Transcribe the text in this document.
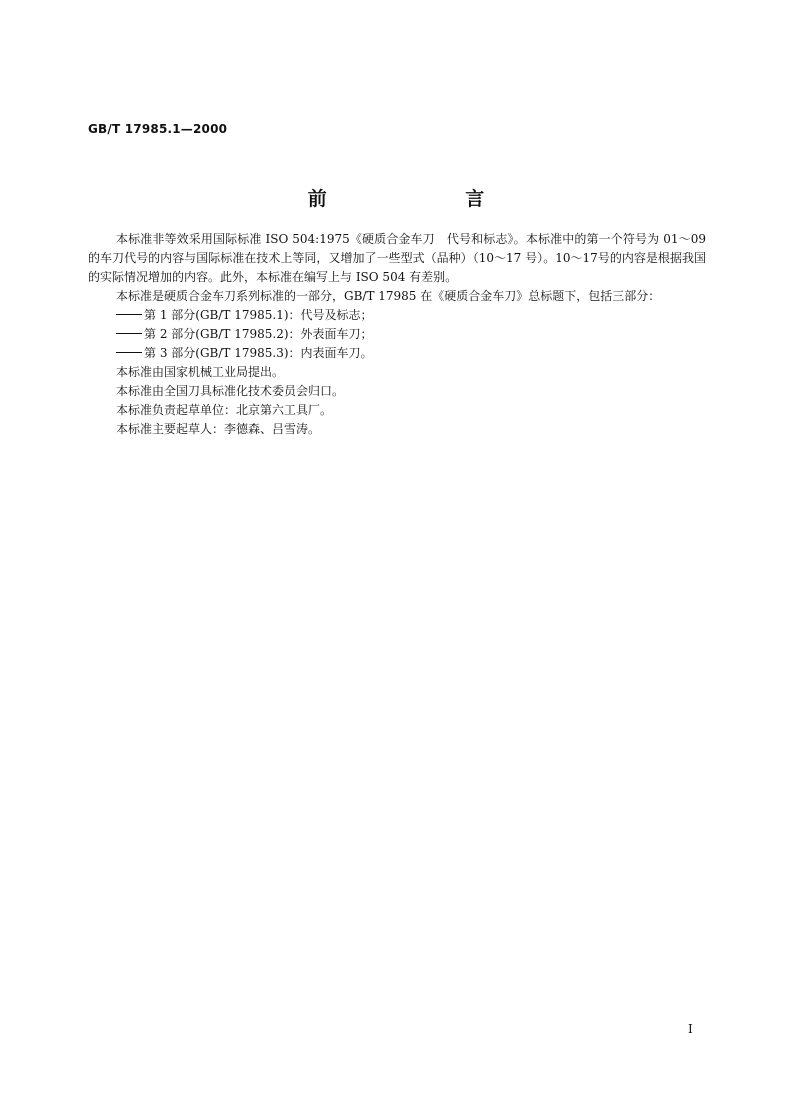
GB/T 17985.1—2000
前 言

本标准非等效采用国际标准 ISO 504:1975《硬质合金车刀　代号和标志》。本标准中的第一个符号为 01～09 的车刀代号的内容与国际标准在技术上等同，又增加了一些型式（品种）（10～17 号）。10～17号的内容是根据我国的实际情况增加的内容。此外，本标准在编写上与 ISO 504 有差别。

本标准是硬质合金车刀系列标准的一部分，GB/T 17985 在《硬质合金车刀》总标题下，包括三部分：

第 1 部分(GB/T 17985.1)：代号及标志；

第 2 部分(GB/T 17985.2)：外表面车刀；

第 3 部分(GB/T 17985.3)：内表面车刀。

本标准由国家机械工业局提出。

本标准由全国刀具标准化技术委员会归口。

本标准负责起草单位：北京第六工具厂。

本标准主要起草人：李德森、吕雪涛。

I
